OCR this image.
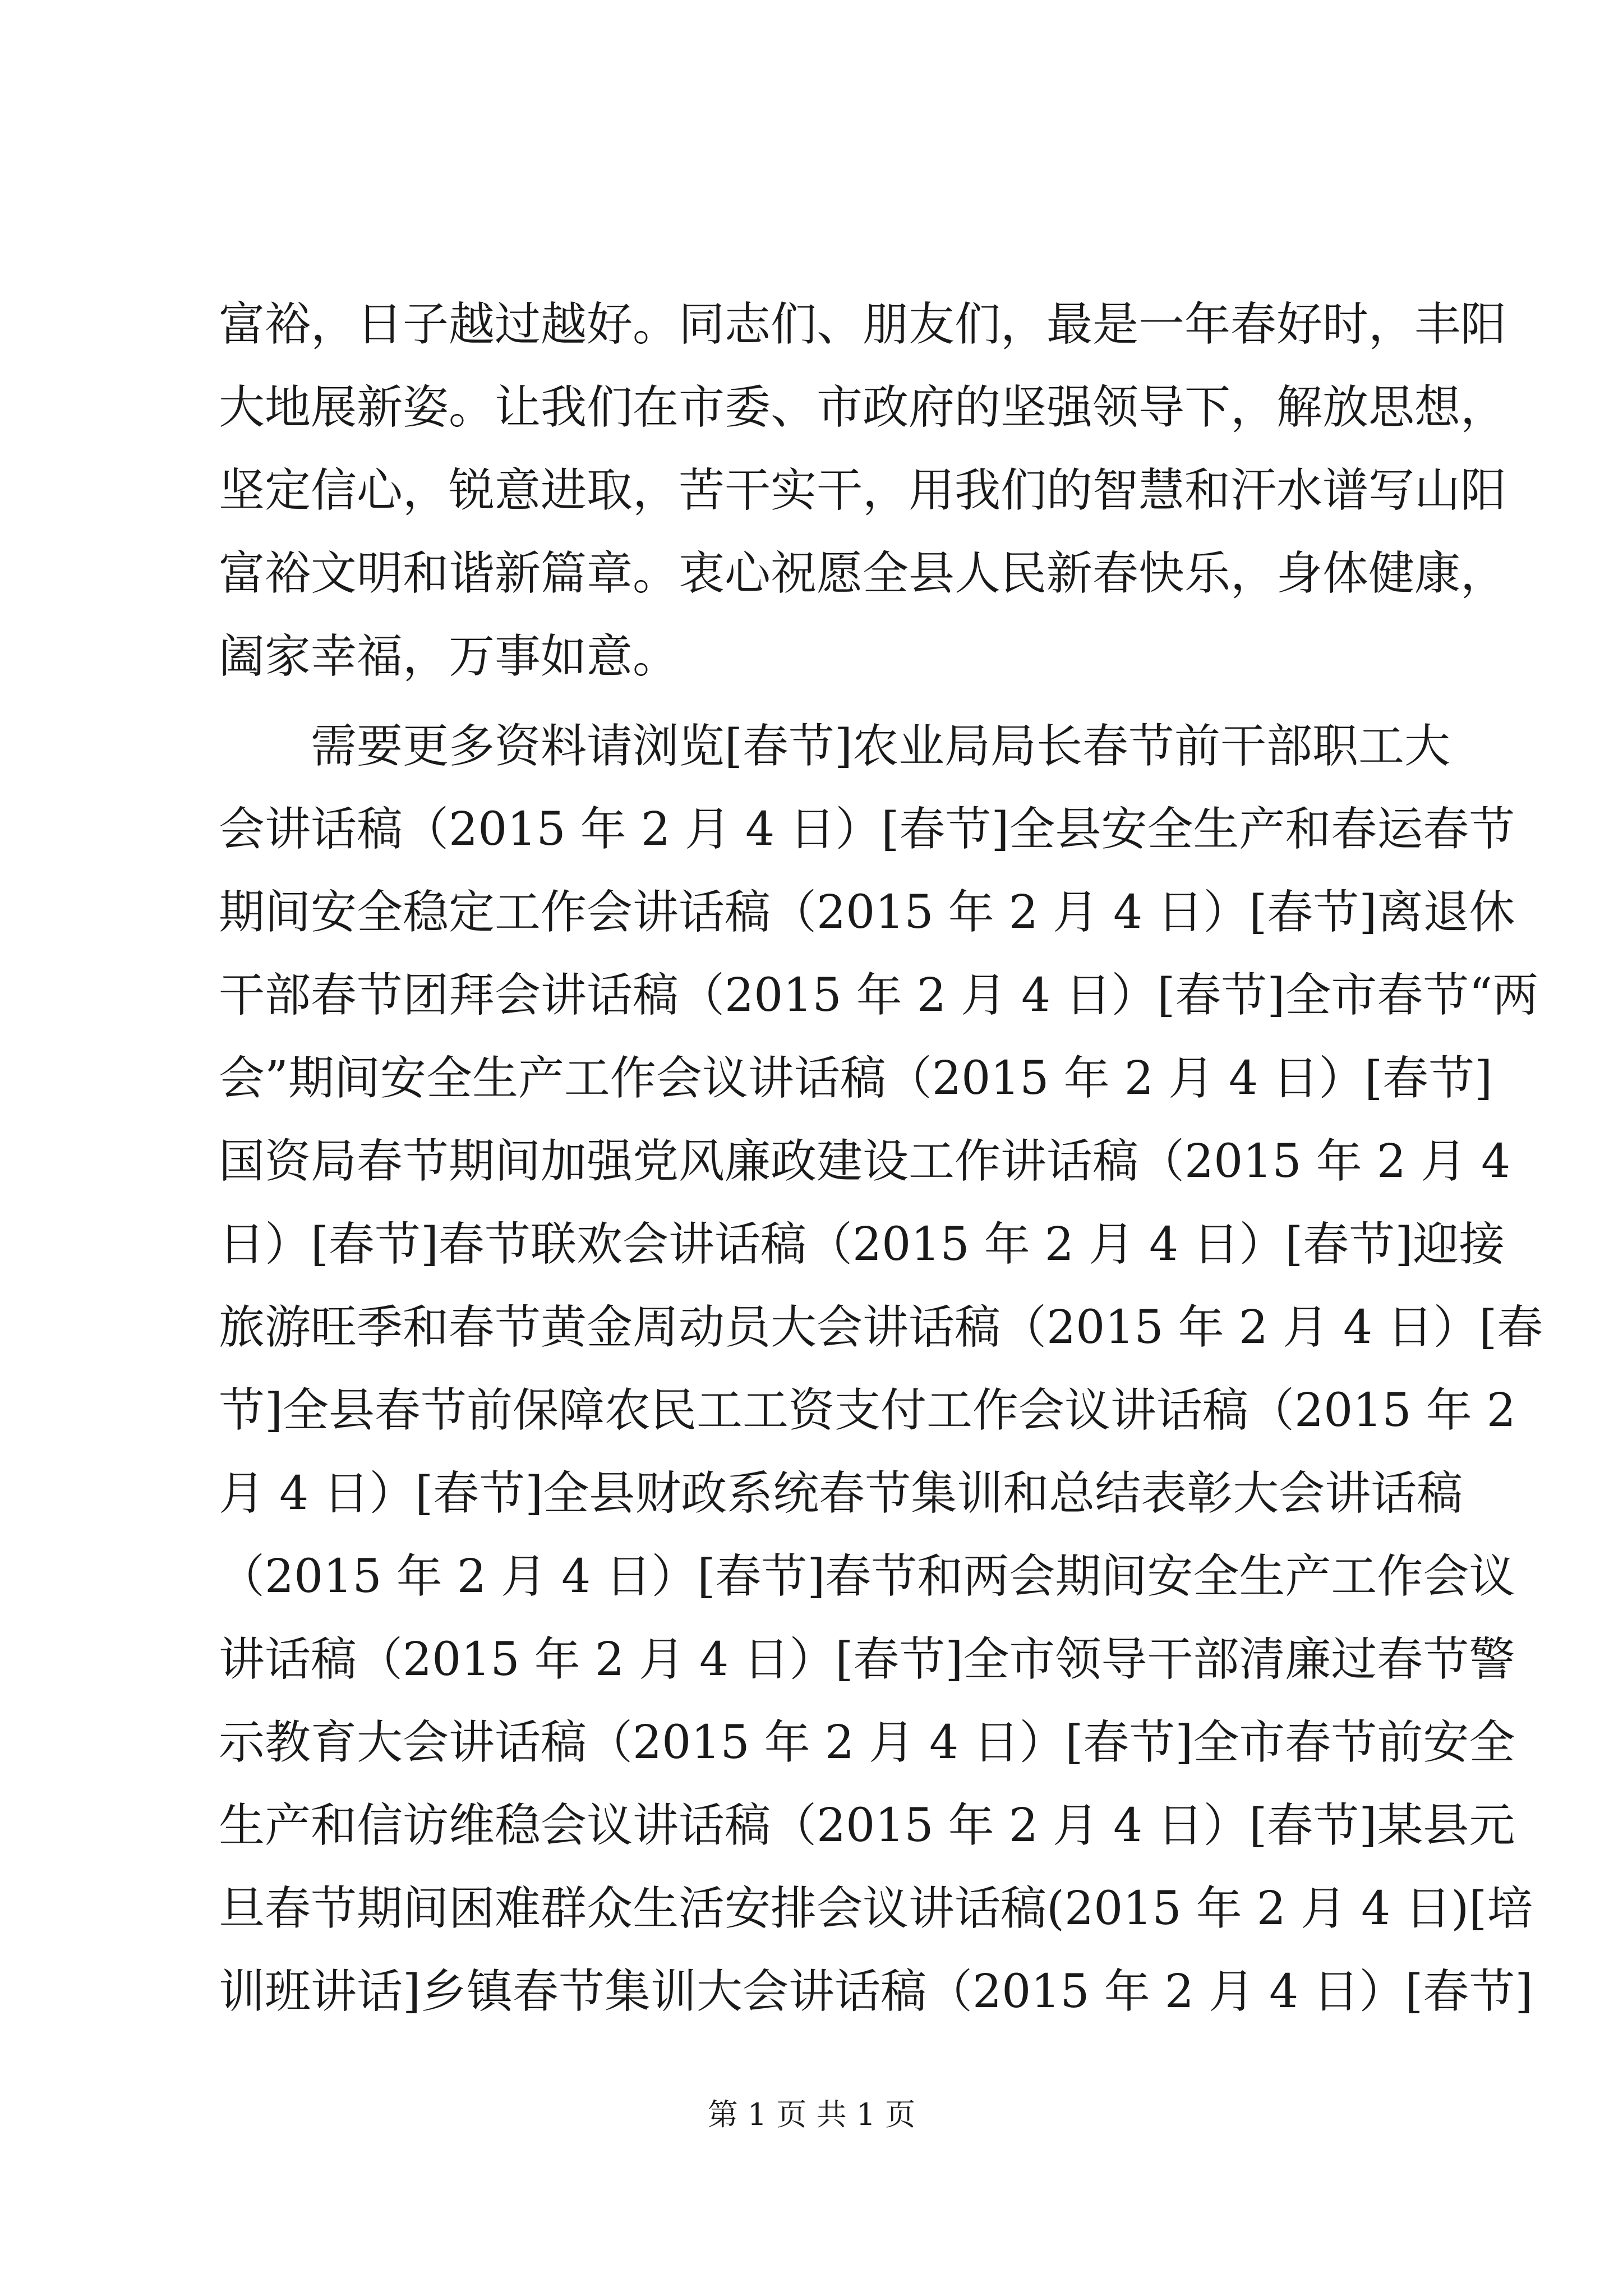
富裕，日子越过越好。同志们、朋友们，最是一年春好时，丰阳
大地展新姿。让我们在市委、市政府的坚强领导下，解放思想，
坚定信心，锐意进取，苦干实干，用我们的智慧和汗水谱写山阳
富裕文明和谐新篇章。衷心祝愿全县人民新春快乐，身体健康，
阖家幸福，万事如意。
　　需要更多资料请浏览[春节]农业局局长春节前干部职工大
会讲话稿（2015 年 2 月 4 日）[春节]全县安全生产和春运春节
期间安全稳定工作会讲话稿（2015 年 2 月 4 日）[春节]离退休
干部春节团拜会讲话稿（2015 年 2 月 4 日）[春节]全市春节“两
会”期间安全生产工作会议讲话稿（2015 年 2 月 4 日）[春节]
国资局春节期间加强党风廉政建设工作讲话稿（2015 年 2 月 4
日）[春节]春节联欢会讲话稿（2015 年 2 月 4 日）[春节]迎接
旅游旺季和春节黄金周动员大会讲话稿（2015 年 2 月 4 日）[春
节]全县春节前保障农民工工资支付工作会议讲话稿（2015 年 2
月 4 日）[春节]全县财政系统春节集训和总结表彰大会讲话稿
（2015 年 2 月 4 日）[春节]春节和两会期间安全生产工作会议
讲话稿（2015 年 2 月 4 日）[春节]全市领导干部清廉过春节警
示教育大会讲话稿（2015 年 2 月 4 日）[春节]全市春节前安全
生产和信访维稳会议讲话稿（2015 年 2 月 4 日）[春节]某县元
旦春节期间困难群众生活安排会议讲话稿(2015 年 2 月 4 日)[培
训班讲话]乡镇春节集训大会讲话稿（2015 年 2 月 4 日）[春节]
第 1 页 共 1 页
